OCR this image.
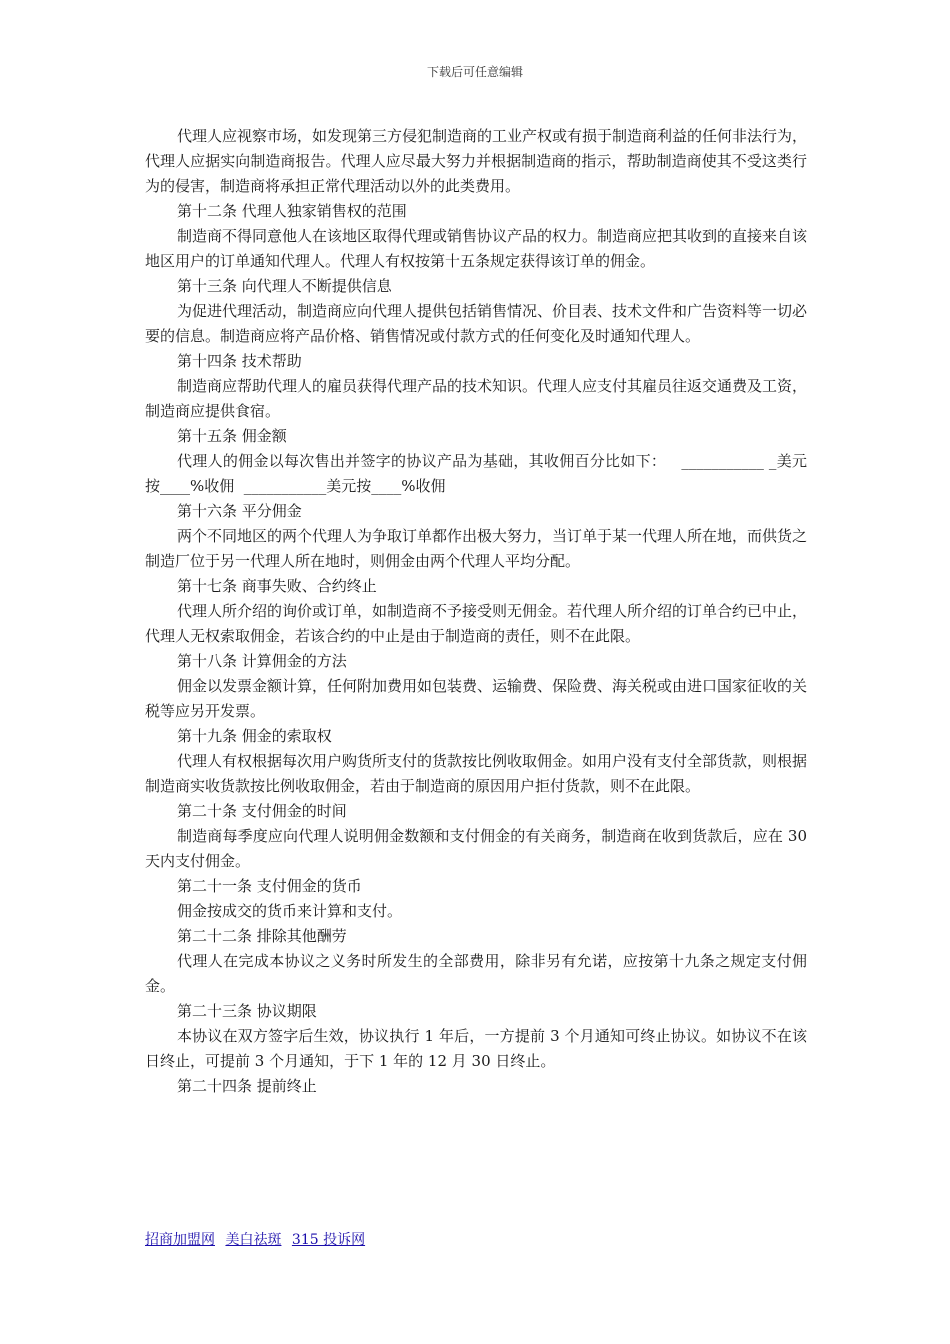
下载后可任意编辑

代理人应视察市场，如发现第三方侵犯制造商的工业产权或有损于制造商利益的任何非法行为，代理人应据实向制造商报告。代理人应尽最大努力并根据制造商的指示，帮助制造商使其不受这类行为的侵害，制造商将承担正常代理活动以外的此类费用。

第十二条 代理人独家销售权的范围

制造商不得同意他人在该地区取得代理或销售协议产品的权力。制造商应把其收到的直接来自该地区用户的订单通知代理人。代理人有权按第十五条规定获得该订单的佣金。

第十三条 向代理人不断提供信息

为促进代理活动，制造商应向代理人提供包括销售情况、价目表、技术文件和广告资料等一切必要的信息。制造商应将产品价格、销售情况或付款方式的任何变化及时通知代理人。

第十四条 技术帮助

制造商应帮助代理人的雇员获得代理产品的技术知识。代理人应支付其雇员往返交通费及工资，制造商应提供食宿。

第十五条 佣金额

代理人的佣金以每次售出并签字的协议产品为基础，其收佣百分比如下：   ___________ _美元按____%收佣  ___________美元按____%收佣

第十六条 平分佣金

两个不同地区的两个代理人为争取订单都作出极大努力，当订单于某一代理人所在地，而供货之制造厂位于另一代理人所在地时，则佣金由两个代理人平均分配。

第十七条 商事失败、合约终止

代理人所介绍的询价或订单，如制造商不予接受则无佣金。若代理人所介绍的订单合约已中止，代理人无权索取佣金，若该合约的中止是由于制造商的责任，则不在此限。

第十八条 计算佣金的方法

佣金以发票金额计算，任何附加费用如包装费、运输费、保险费、海关税或由进口国家征收的关税等应另开发票。

第十九条 佣金的索取权

代理人有权根据每次用户购货所支付的货款按比例收取佣金。如用户没有支付全部货款，则根据制造商实收货款按比例收取佣金，若由于制造商的原因用户拒付货款，则不在此限。

第二十条 支付佣金的时间

制造商每季度应向代理人说明佣金数额和支付佣金的有关商务，制造商在收到货款后，应在 30 天内支付佣金。

第二十一条 支付佣金的货币

佣金按成交的货币来计算和支付。

第二十二条 排除其他酬劳

代理人在完成本协议之义务时所发生的全部费用，除非另有允诺，应按第十九条之规定支付佣金。

第二十三条 协议期限

本协议在双方签字后生效，协议执行 1 年后，一方提前 3 个月通知可终止协议。如协议不在该日终止，可提前 3 个月通知，于下 1 年的 12 月 30 日终止。

第二十四条 提前终止

招商加盟网 美白祛斑 315 投诉网
